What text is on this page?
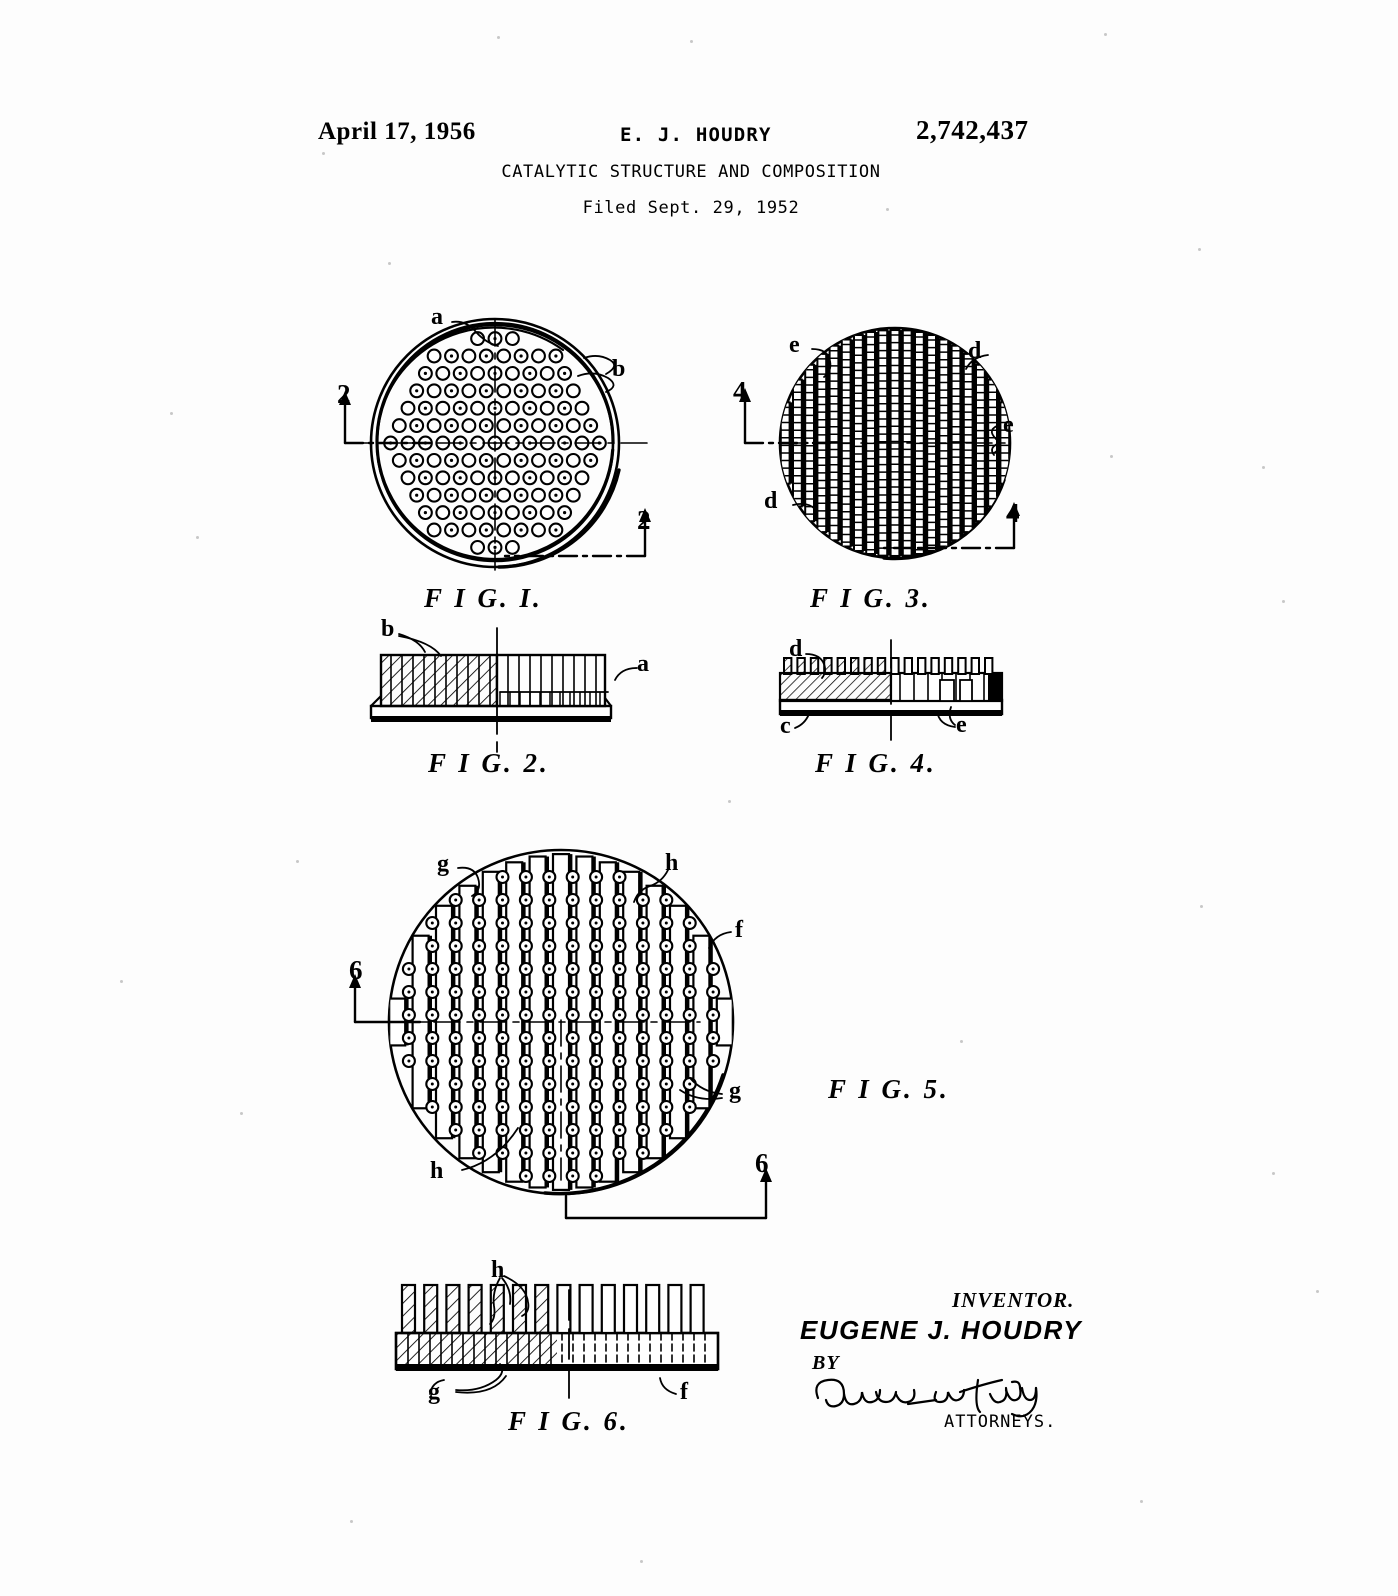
April 17, 1956	E. J. HOUDRY	2,742,437
CATALYTIC STRUCTURE AND COMPOSITION
Filed Sept. 29, 1952
F I G. I.
F I G. 2.
F I G. 3.
F I G. 4.
F I G. 5.
F I G. 6.
a
b
2
2
b
a
e	d
d
e
4
4
d
c	e
g	h
f
g
h
6
6
h
g	f
INVENTOR.
EUGENE J. HOUDRY
BY
ATTORNEYS.
